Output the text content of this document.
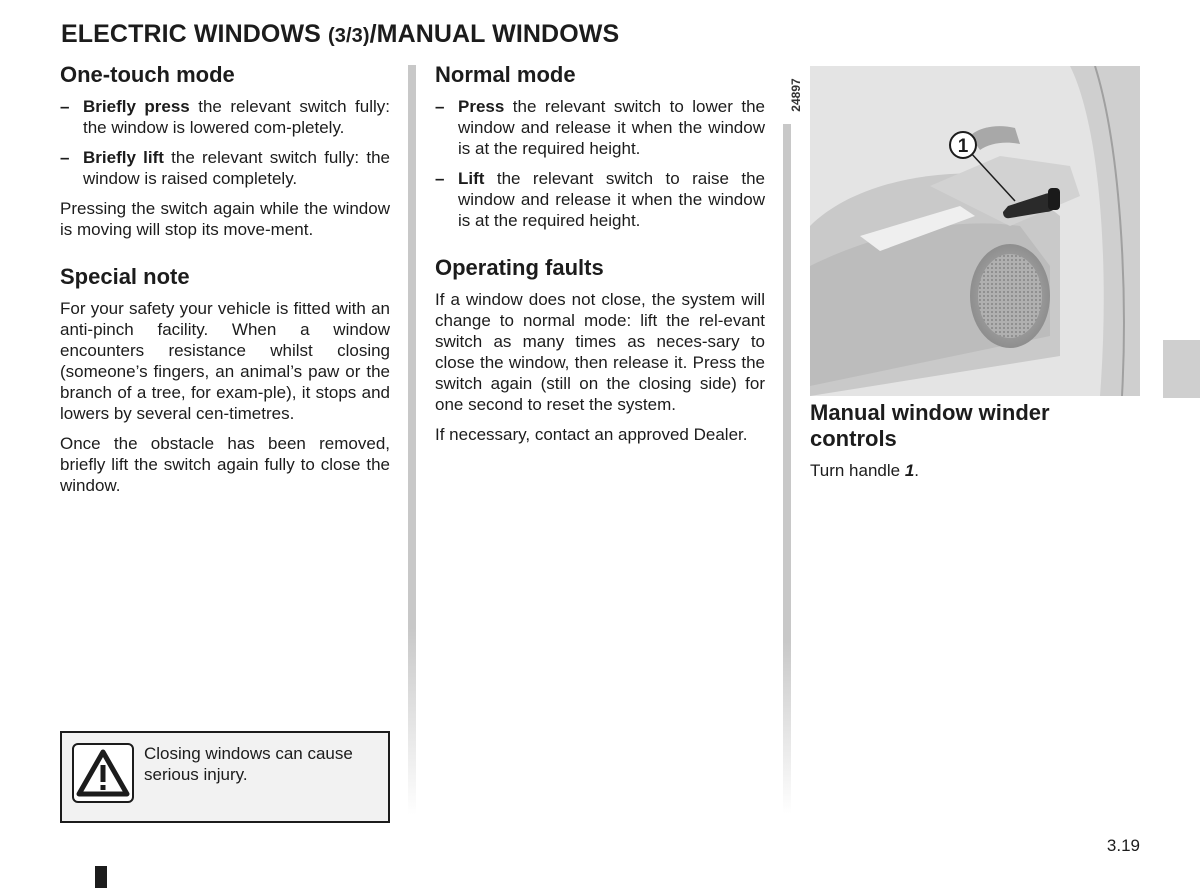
ELECTRIC WINDOWS (3/3)/MANUAL WINDOWS
One-touch mode
– Briefly press the relevant switch fully: the window is lowered com-pletely.
– Briefly lift the relevant switch fully: the window is raised completely.

Pressing the switch again while the window is moving will stop its move-ment.

Special note

For your safety your vehicle is fitted with an anti-pinch facility. When a window encounters resistance whilst closing (someone’s fingers, an animal’s paw or the branch of a tree, for exam-ple), it stops and lowers by several cen-timetres.

Once the obstacle has been removed, briefly lift the switch again fully to close the window.

Closing windows can cause serious injury.
Normal mode
– Press the relevant switch to lower the window and release it when the window is at the required height.
– Lift the relevant switch to raise the window and release it when the window is at the required height.
Operating faults

If a window does not close, the system will change to normal mode: lift the rel-evant switch as many times as neces-sary to close the window, then release it. Press the switch again (still on the closing side) for one second to reset the system.

If necessary, contact an approved Dealer.

24897
1
Manual window winder controls

Turn handle 1.

3.19
